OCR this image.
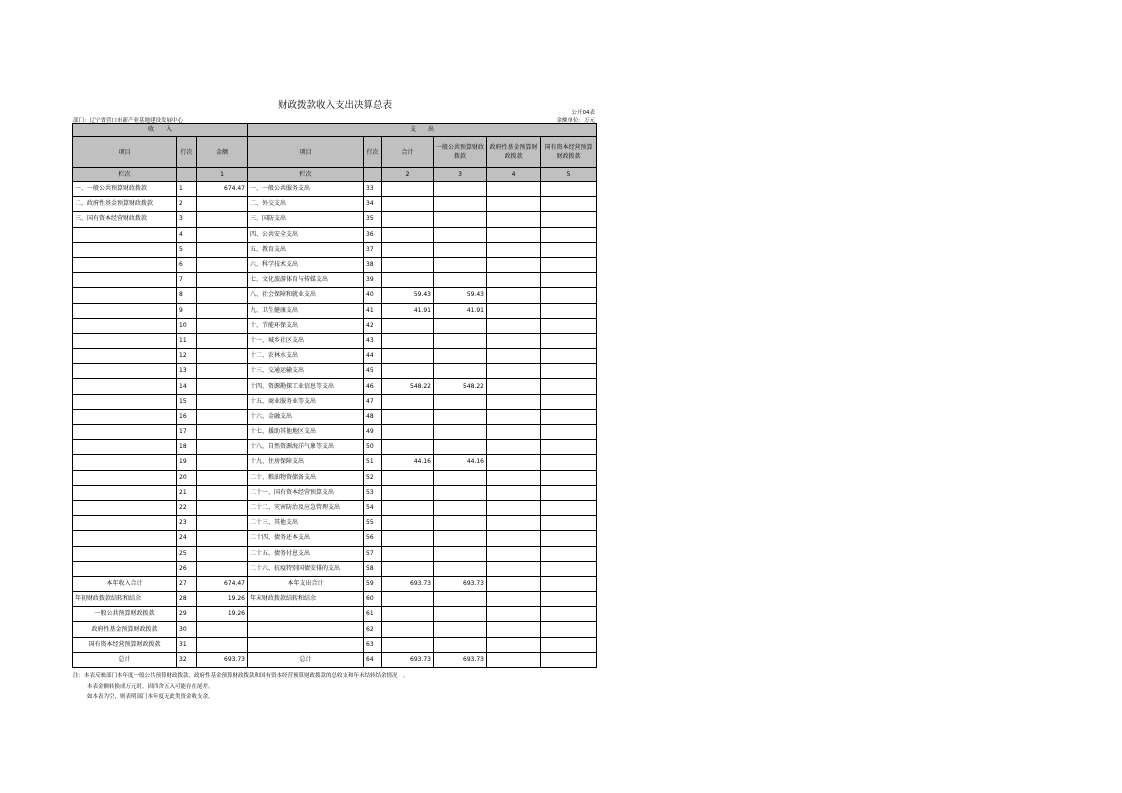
财政拨款收入支出决算总表
公开04表
部门：辽宁省营口市新产业基地建设发展中心	金额单位：万元
收　　入			支　　出					
项目	行次	金额	项目	行次	合计	一般公共预算财政拨款	政府性基金预算财政拨款	国有资本经营预算财政拨款
栏次		1	栏次		2	3	4	5
一、一般公共预算财政拨款	1	674.47	一、一般公共服务支出	33				
二、政府性基金预算财政拨款	2		二、外交支出	34				
三、国有资本经营财政拨款	3		三、国防支出	35				
	4		四、公共安全支出	36				
	5		五、教育支出	37				
	6		六、科学技术支出	38				
	7		七、文化旅游体育与传媒支出	39				
	8		八、社会保障和就业支出	40	59.43	59.43		
	9		九、卫生健康支出	41	41.91	41.91		
	10		十、节能环保支出	42				
	11		十一、城乡社区支出	43				
	12		十二、农林水支出	44				
	13		十三、交通运输支出	45				
	14		十四、资源勘探工业信息等支出	46	548.22	548.22		
	15		十五、商业服务业等支出	47				
	16		十六、金融支出	48				
	17		十七、援助其他地区支出	49				
	18		十八、自然资源海洋气象等支出	50				
	19		十九、住房保障支出	51	44.16	44.16		
	20		二十、粮油物资储备支出	52				
	21		二十一、国有资本经营预算支出	53				
	22		二十二、灾害防治及应急管理支出	54				
	23		二十三、其他支出	55				
	24		二十四、债务还本支出	56				
	25		二十五、债务付息支出	57				
	26		二十六、抗疫特别国债安排的支出	58				
本年收入合计	27	674.47	本年支出合计	59	693.73	693.73		
年初财政拨款结转和结余	28	19.26	年末财政拨款结转和结余	60				
一般公共预算财政拨款	29	19.26		61				
政府性基金预算财政拨款	30			62				
国有资本经营预算财政拨款	31			63				
总计	32	693.73	总计	64	693.73	693.73		
注：本表反映部门本年度一般公共预算财政拨款、政府性基金预算财政拨款和国有资本经营预算财政拨款的总收支和年末结转结余情况　。
本表金额转换成万元时，因四舍五入可能存在尾差。
如本表为空，则表明部门本年度无此类资金收支余。
